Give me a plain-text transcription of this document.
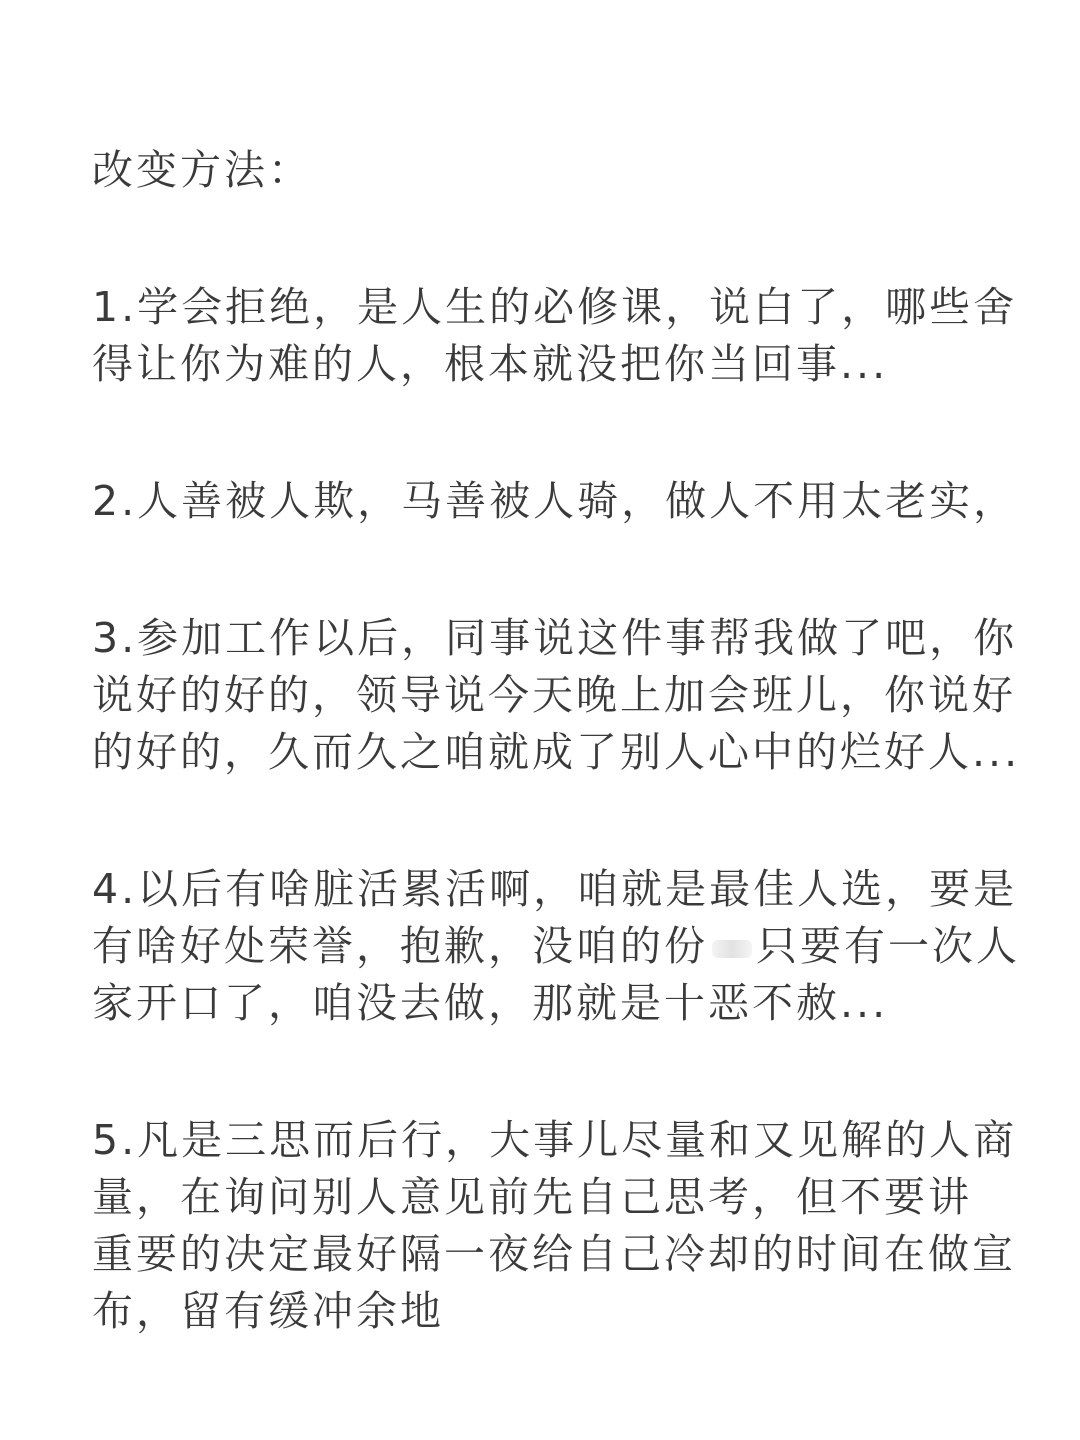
改变方法：
1.学会拒绝，是人生的必修课，说白了，哪些舍
得让你为难的人，根本就没把你当回事...
2.人善被人欺，马善被人骑，做人不用太老实，
3.参加工作以后，同事说这件事帮我做了吧，你
说好的好的，领导说今天晚上加会班儿，你说好
的好的，久而久之咱就成了别人心中的烂好人...
4.以后有啥脏活累活啊，咱就是最佳人选，要是
有啥好处荣誉，抱歉，没咱的份 只要有一次人
家开口了，咱没去做，那就是十恶不赦...
5.凡是三思而后行，大事儿尽量和又见解的人商
量，在询问别人意见前先自己思考，但不要讲
重要的决定最好隔一夜给自己冷却的时间在做宣
布，留有缓冲余地
